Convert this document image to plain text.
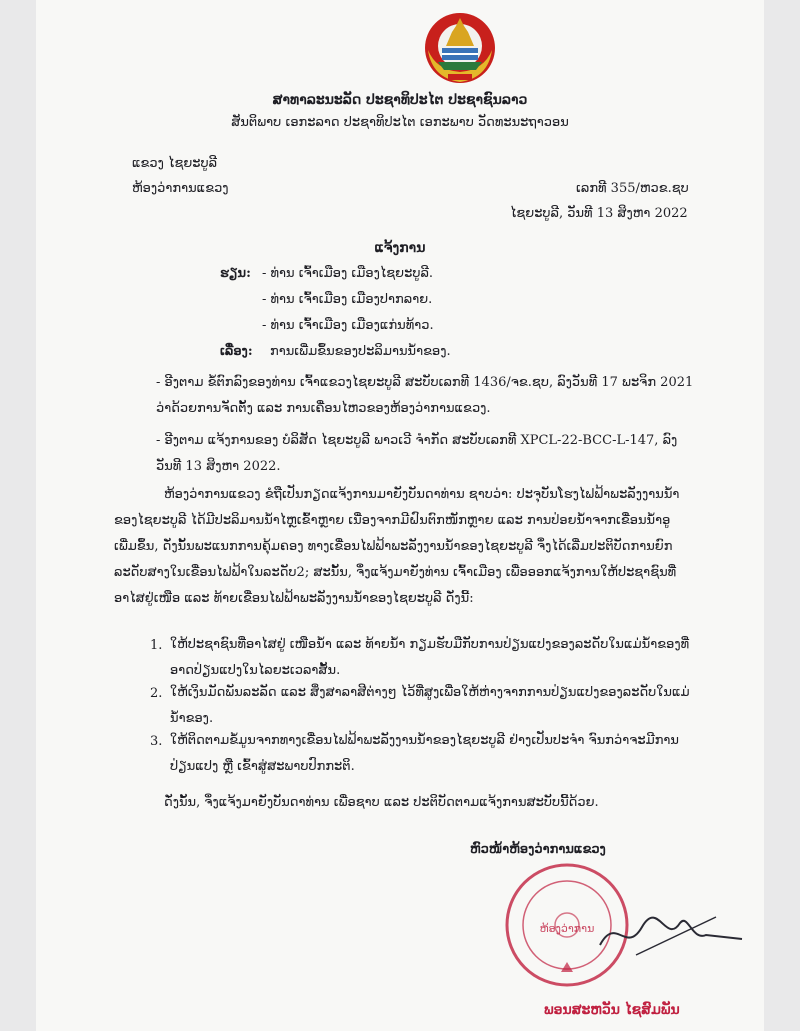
ສາທາລະນະລັດ ປະຊາທິປະໄຕ ປະຊາຊົນລາວ
ສັນຕິພາບ ເອກະລາດ ປະຊາທິປະໄຕ ເອກະພາບ ວັດທະນະຖາວອນ
ແຂວງ ໄຊຍະບູລີ
ຫ້ອງວ່າການແຂວງ	ເລກທີ 355/ຫວຂ.ຊບ
ໄຊຍະບູລີ, ວັນທີ 13 ສິງຫາ 2022
ແຈ້ງການ
ຮຽນ: - ທ່ານ ເຈົ້າເມືອງ ເມືອງໄຊຍະບູລີ.
- ທ່ານ ເຈົ້າເມືອງ ເມືອງປາກລາຍ.
- ທ່ານ ເຈົ້າເມືອງ ເມືອງແກ່ນທ້າວ.
ເລື່ອງ: ການເພີ່ມຂຶ້ນຂອງປະລິມານນ້ຳຂອງ.
- ອີງຕາມ ຂໍ້ຕົກລົງຂອງທ່ານ ເຈົ້າແຂວງໄຊຍະບູລີ ສະບັບເລກທີ 1436/ຈຂ.ຊບ, ລົງວັນທີ 17 ພະຈິກ 2021 ວ່າດ້ວຍການຈັດຕັ້ງ ແລະ ການເຄື່ອນໄຫວຂອງຫ້ອງວ່າການແຂວງ.
- ອີງຕາມ ແຈ້ງການຂອງ ບໍລິສັດ ໄຊຍະບູລີ ພາວເວີ ຈຳກັດ ສະບັບເລກທີ XPCL-22-BCC-L-147, ລົງວັນທີ 13 ສິງຫາ 2022.
ຫ້ອງວ່າການແຂວງ ຂໍຖືເປັນກຽດແຈ້ງການມາຍັງບັນດາທ່ານ ຊາບວ່າ: ປະຈຸບັນໂຮງໄຟຟ້າພະລັງງານນ້ຳຂອງໄຊຍະບູລີ ໄດ້ມີປະລິມານນ້ຳໄຫຼເຂົ້າຫຼາຍ ເນື່ອງຈາກມີຝົນຕົກໜັກຫຼາຍ ແລະ ການປ່ອຍນ້ຳຈາກເຂື່ອນນ້ຳອູເພີ່ມຂຶ້ນ, ດັ່ງນັ້ນພະແນກການຄຸ້ມຄອງ ທາງເຂື່ອນໄຟຟ້າພະລັງງານນ້ຳຂອງໄຊຍະບູລີ ຈຶ່ງໄດ້ເລີ່ມປະຕິບັດການຍົກລະດັບສາງໃນເຂື່ອນໄຟຟ້າໃນລະດັບ2; ສະນັ້ນ, ຈຶ່ງແຈ້ງມາຍັງທ່ານ ເຈົ້າເມືອງ ເພື່ອອອກແຈ້ງການໃຫ້ປະຊາຊົນທີ່ອາໄສຢູ່ເໜືອ ແລະ ທ້າຍເຂື່ອນໄຟຟ້າພະລັງງານນ້ຳຂອງໄຊຍະບູລີ ດັ່ງນີ້:
1. ໃຫ້ປະຊາຊົນທີ່ອາໄສຢູ່ ເໜືອນ້ຳ ແລະ ທ້າຍນ້ຳ ກຽມຮັບມືກັບການປ່ຽນແປງຂອງລະດັບໃນແມ່ນ້ຳຂອງທີ່ອາດປ່ຽນແປງໃນໄລຍະເວລາສັ້ນ.
2. ໃຫ້ເງິນມັດພັນລະລັດ ແລະ ສິ່ງສາລາສີຕ່າງໆ ໄວ້ທີ່ສູງເພື່ອໃຫ້ຫ່າງຈາກການປ່ຽນແປງຂອງລະດັບໃນແມ່ນ້ຳຂອງ.
3. ໃຫ້ຕິດຕາມຂໍ້ມູນຈາກທາງເຂື່ອນໄຟຟ້າພະລັງງານນ້ຳຂອງໄຊຍະບູລີ ຢ່າງເປັນປະຈຳ ຈົນກວ່າຈະມີການປ່ຽນແປງ ຫຼື ເຂົ້າສູ່ສະພາບປົກກະຕິ.
ດັ່ງນັ້ນ, ຈຶ່ງແຈ້ງມາຍັງບັນດາທ່ານ ເພື່ອຊາບ ແລະ ປະຕິບັດຕາມແຈ້ງການສະບັບນີ້ດ້ວຍ.
ຫົວໜ້າຫ້ອງວ່າການແຂວງ
ຫ້ອງວ່າການ
ພອນສະຫວັນ ໄຊສົມພັນ
